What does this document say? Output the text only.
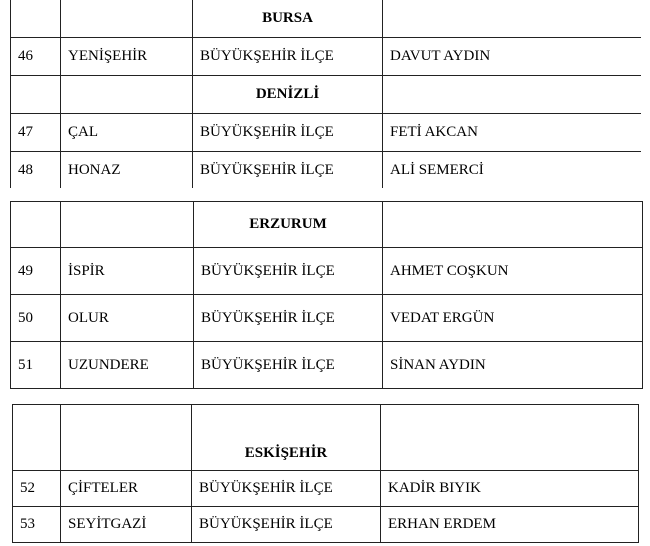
		BURSA	
46	YENİŞEHİR	BÜYÜKŞEHİR İLÇE	DAVUT AYDIN
		DENİZLİ	
47	ÇAL	BÜYÜKŞEHİR İLÇE	FETİ AKCAN
48	HONAZ	BÜYÜKŞEHİR İLÇE	ALİ SEMERCİ
		ERZURUM	
49	İSPİR	BÜYÜKŞEHİR İLÇE	AHMET COŞKUN
50	OLUR	BÜYÜKŞEHİR İLÇE	VEDAT ERGÜN
51	UZUNDERE	BÜYÜKŞEHİR İLÇE	SİNAN AYDIN
		ESKİŞEHİR	
52	ÇİFTELER	BÜYÜKŞEHİR İLÇE	KADİR BIYIK
53	SEYİTGAZİ	BÜYÜKŞEHİR İLÇE	ERHAN ERDEM
